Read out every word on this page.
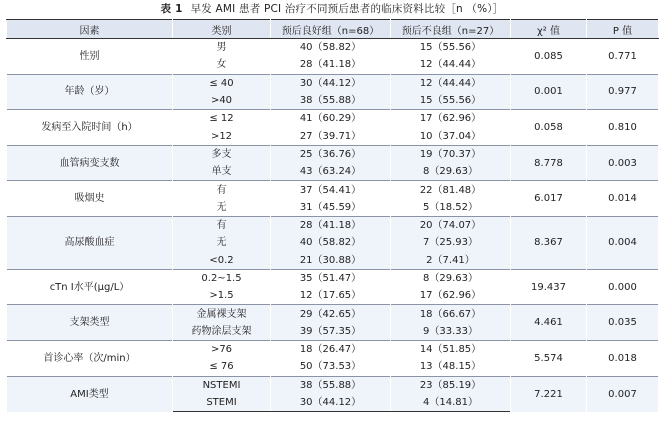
表 1 早发 AMI 患者 PCI 治疗不同预后患者的临床资料比较［n （%）］
因素	类别	预后良好组（n=68）	预后不良组（n=27）	χ² 值	P 值
性别	男	40（58.82）	15（55.56）	0.085	0.771
	女	28（41.18）	12（44.44）		
年龄（岁）	≤ 40	30（44.12）	12（44.44）	0.001	0.977
	>40	38（55.88）	15（55.56）		
发病至入院时间（h）	≤ 12	41（60.29）	17（62.96）	0.058	0.810
	>12	27（39.71）	10（37.04）		
血管病变支数	多支	25（36.76）	19（70.37）	8.778	0.003
	单支	43（63.24）	8（29.63）		
吸烟史	有	37（54.41）	22（81.48）	6.017	0.014
	无	31（45.59）	5（18.52）		
高尿酸血症	有	28（41.18）	20（74.07）	8.367	0.004
	无	40（58.82）	7（25.93）		
	<0.2	21（30.88）	2（7.41）		
cTn Ⅰ水平(μg/L）	0.2~1.5	35（51.47）	8（29.63）	19.437	0.000
	>1.5	12（17.65）	17（62.96）		
支架类型	金属裸支架	29（42.65）	18（66.67）	4.461	0.035
	药物涂层支架	39（57.35）	9（33.33）		
首诊心率（次/min）	>76	18（26.47）	14（51.85）	5.574	0.018
	≤ 76	50（73.53）	13（48.15）		
AMI类型	NSTEMI	38（55.88）	23（85.19）	7.221	0.007
	STEMI	30（44.12）	4（14.81）		
